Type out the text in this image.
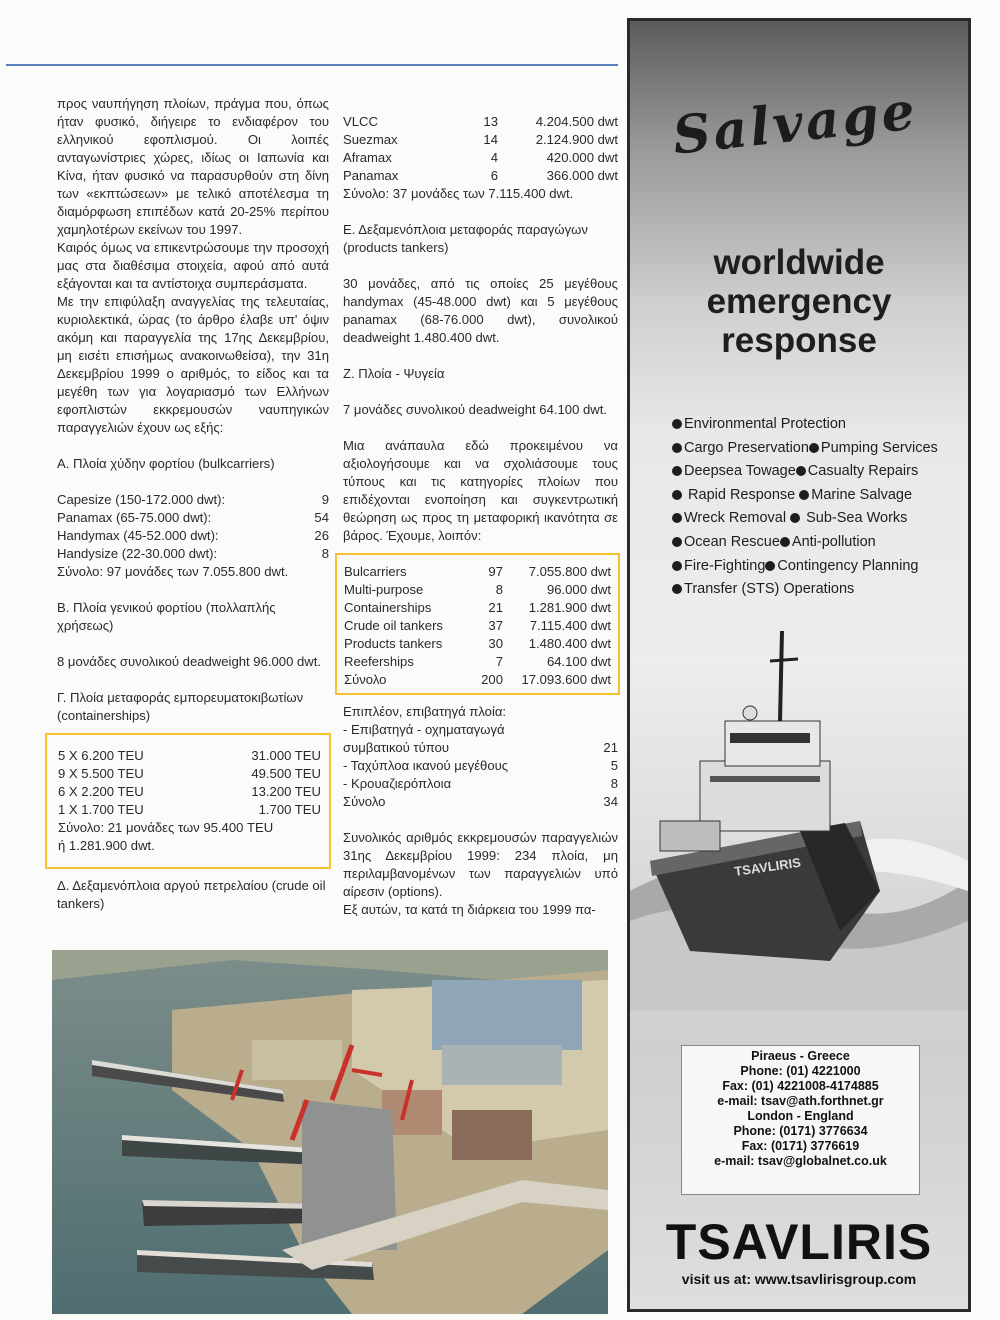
προς ναυπήγηση πλοίων, πράγμα που, όπως ήταν φυσικό, διήγειρε το ενδιαφέρον του ελληνικού εφοπλισμού. Οι λοιπές ανταγωνίστριες χώρες, ιδίως οι Ιαπωνία και Κίνα, ήταν φυσικό να παρασυρθούν στη δίνη των «εκπτώσεων» με τελικό αποτέλεσμα τη διαμόρφωση επιπέδων κατά 20-25% περίπου χαμηλοτέρων εκείνων του 1997.
Καιρός όμως να επικεντρώσουμε την προσοχή μας στα διαθέσιμα στοιχεία, αφού από αυτά εξάγονται και τα αντίστοιχα συμπεράσματα.
Με την επιφύλαξη αναγγελίας της τελευταίας, κυριολεκτικά, ώρας (το άρθρο έλαβε υπ' όψιν ακόμη και παραγγελία της 17ης Δεκεμβρίου, μη εισέτι επισήμως ανακοινωθείσα), την 31η Δεκεμβρίου 1999 ο αριθμός, το είδος και τα μεγέθη των για λογαριασμό των Ελλήνων εφοπλιστών εκκρεμουσών ναυπηγικών παραγγελιών έχουν ως εξής:
Α. Πλοία χύδην φορτίου (bulkcarriers)
Capesize (150-172.000 dwt):	9
Panamax (65-75.000 dwt):	54
Handymax (45-52.000 dwt):	26
Handysize (22-30.000 dwt):	8
Σύνολο: 97 μονάδες των 7.055.800 dwt.
Β. Πλοία γενικού φορτίου (πολλαπλής χρήσεως)
8 μονάδες συνολικού deadweight 96.000 dwt.
Γ. Πλοία μεταφοράς εμπορευματοκιβωτίων (containerships)
5 X 6.200 TEU	31.000 TEU
9 X 5.500 TEU	49.500 TEU
6 X 2.200 TEU	13.200 TEU
1 X 1.700 TEU	1.700 TEU
Σύνολο: 21 μονάδες των 95.400 TEU
ή 1.281.900 dwt.
Δ. Δεξαμενόπλοια αργού πετρελαίου (crude oil tankers)
VLCC	13	4.204.500 dwt
Suezmax	14	2.124.900 dwt
Aframax	4	420.000 dwt
Panamax	6	366.000 dwt
Σύνολο: 37 μονάδες των 7.115.400 dwt.
Ε. Δεξαμενόπλοια μεταφοράς παραγώγων (products tankers)
30 μονάδες, από τις οποίες 25 μεγέθους handymax (45-48.000 dwt) και 5 μεγέθους panamax (68-76.000 dwt), συνολικού deadweight 1.480.400 dwt.
Ζ. Πλοία - Ψυγεία
7 μονάδες συνολικού deadweight 64.100 dwt.
Μια ανάπαυλα εδώ προκειμένου να αξιολογήσουμε και να σχολιάσουμε τους τύπους και τις κατηγορίες πλοίων που επιδέχονται ενοποίηση και συγκεντρωτική θεώρηση ως προς τη μεταφορική ικανότητα σε βάρος. Έχουμε, λοιπόν:
Bulcarriers	97	7.055.800 dwt
Multi-purpose	8	96.000 dwt
Containerships	21	1.281.900 dwt
Crude oil tankers	37	7.115.400 dwt
Products tankers	30	1.480.400 dwt
Reeferships	7	64.100 dwt
Σύνολο	200	17.093.600 dwt
Επιπλέον, επιβατηγά πλοία:
- Επιβατηγά - οχηματαγωγά
συμβατικού τύπου	21
- Ταχύπλοα ικανού μεγέθους	5
- Κρουαζιερόπλοια	8
Σύνολο	34
Συνολικός αριθμός εκκρεμουσών παραγγελιών 31ης Δεκεμβρίου 1999: 234 πλοία, μη περιλαμβανομένων των παραγγελιών υπό αίρεσιν (options).
Εξ αυτών, τα κατά τη διάρκεια του 1999 πα-
Salvage
worldwide
emergency
response
Environmental Protection
Cargo Preservation Pumping Services
Deepsea Towage Casualty Repairs
Rapid Response Marine Salvage
Wreck Removal  Sub-Sea Works
Ocean Rescue Anti-pollution
Fire-Fighting Contingency Planning
Transfer (STS) Operations
TSAVLIRIS
Piraeus - Greece
Phone: (01) 4221000
Fax: (01) 4221008-4174885
e-mail: tsav@ath.forthnet.gr
London - England
Phone: (0171) 3776634
Fax: (0171) 3776619
e-mail: tsav@globalnet.co.uk
TSAVLIRIS
visit us at: www.tsavlirisgroup.com
